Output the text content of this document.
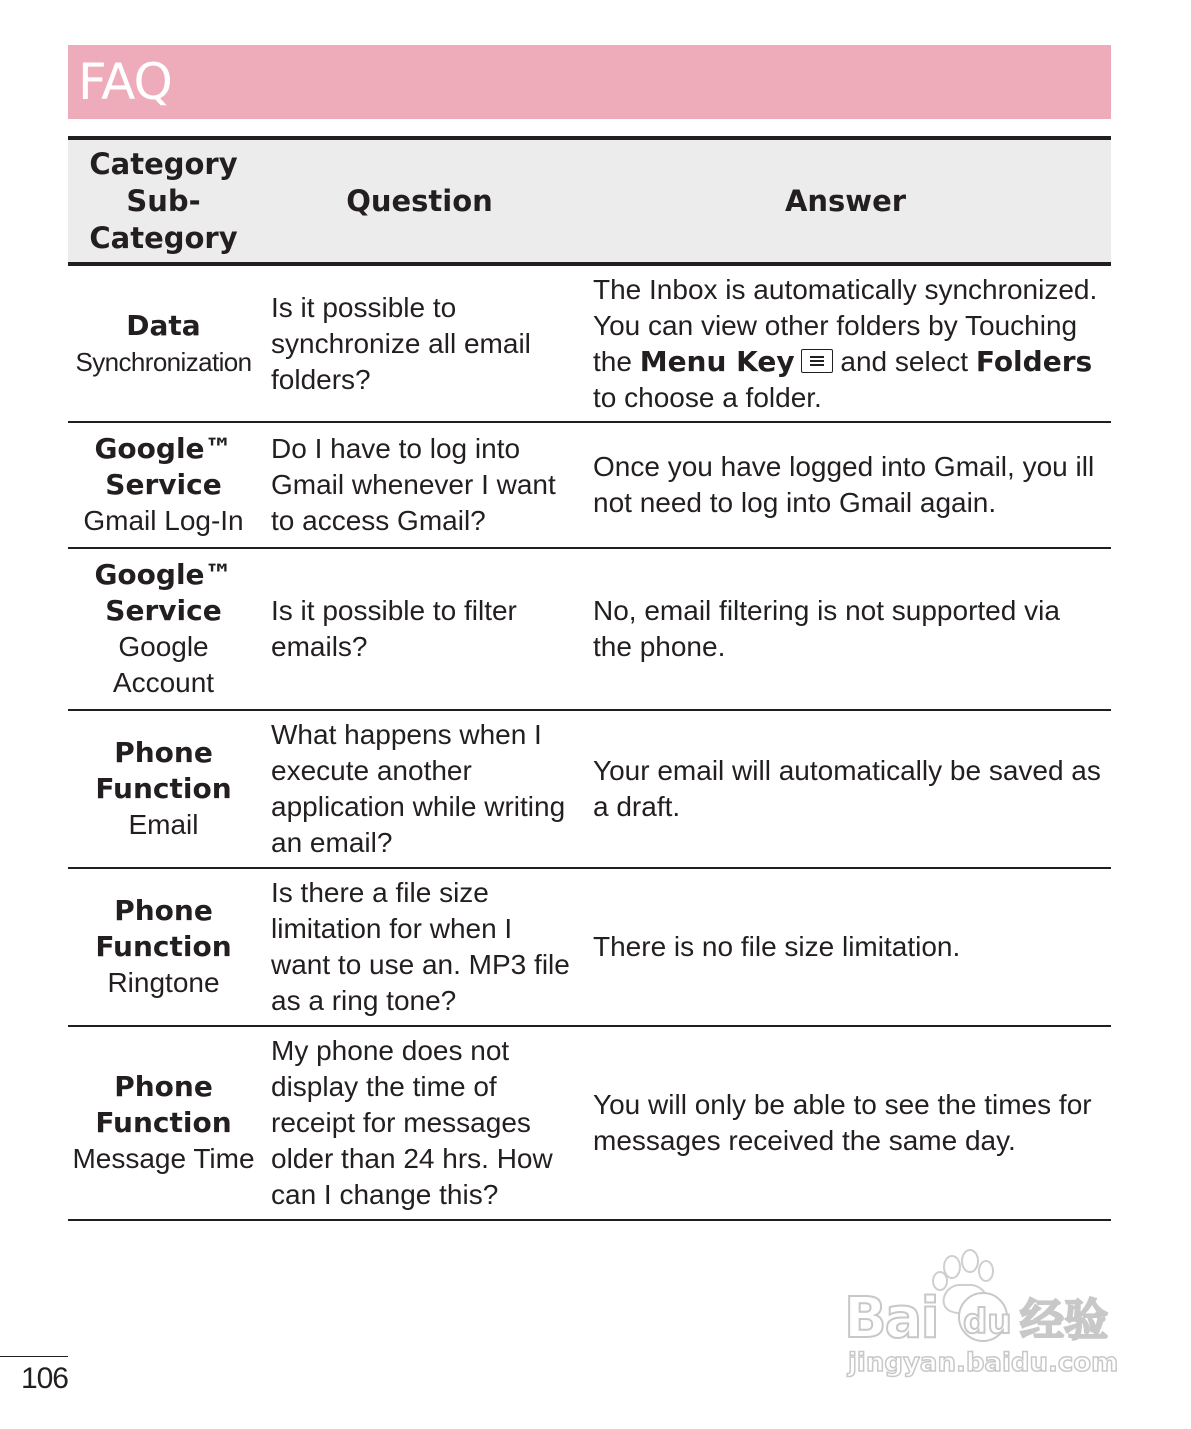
FAQ
Category
Sub-
Category	Question	Answer

Data
Synchronization	Is it possible to synchronize all email folders?	The Inbox is automatically synchronized. You can view other folders by Touching the Menu Key
and select Folders to choose a folder.

Google™ Service
Gmail Log-In	Do I have to log into Gmail whenever I want to access Gmail?	Once you have logged into Gmail, you ill not need to log into Gmail again.

Google™ Service
Google Account	Is it possible to filter emails?	No, email filtering is not supported via the phone.

Phone Function
Email	What happens when I execute another application while writing an email?	Your email will automatically be saved as a draft.

Phone Function
Ringtone	Is there a file size limitation for when I want to use an. MP3 file as a ring tone?	There is no file size limitation.

Phone Function
Message Time	My phone does not display the time of receipt for messages older than 24 hrs. How can I change this?	You will only be able to see the times for messages received the same day.
Bai du 经验
jingyan.baidu.com
106
